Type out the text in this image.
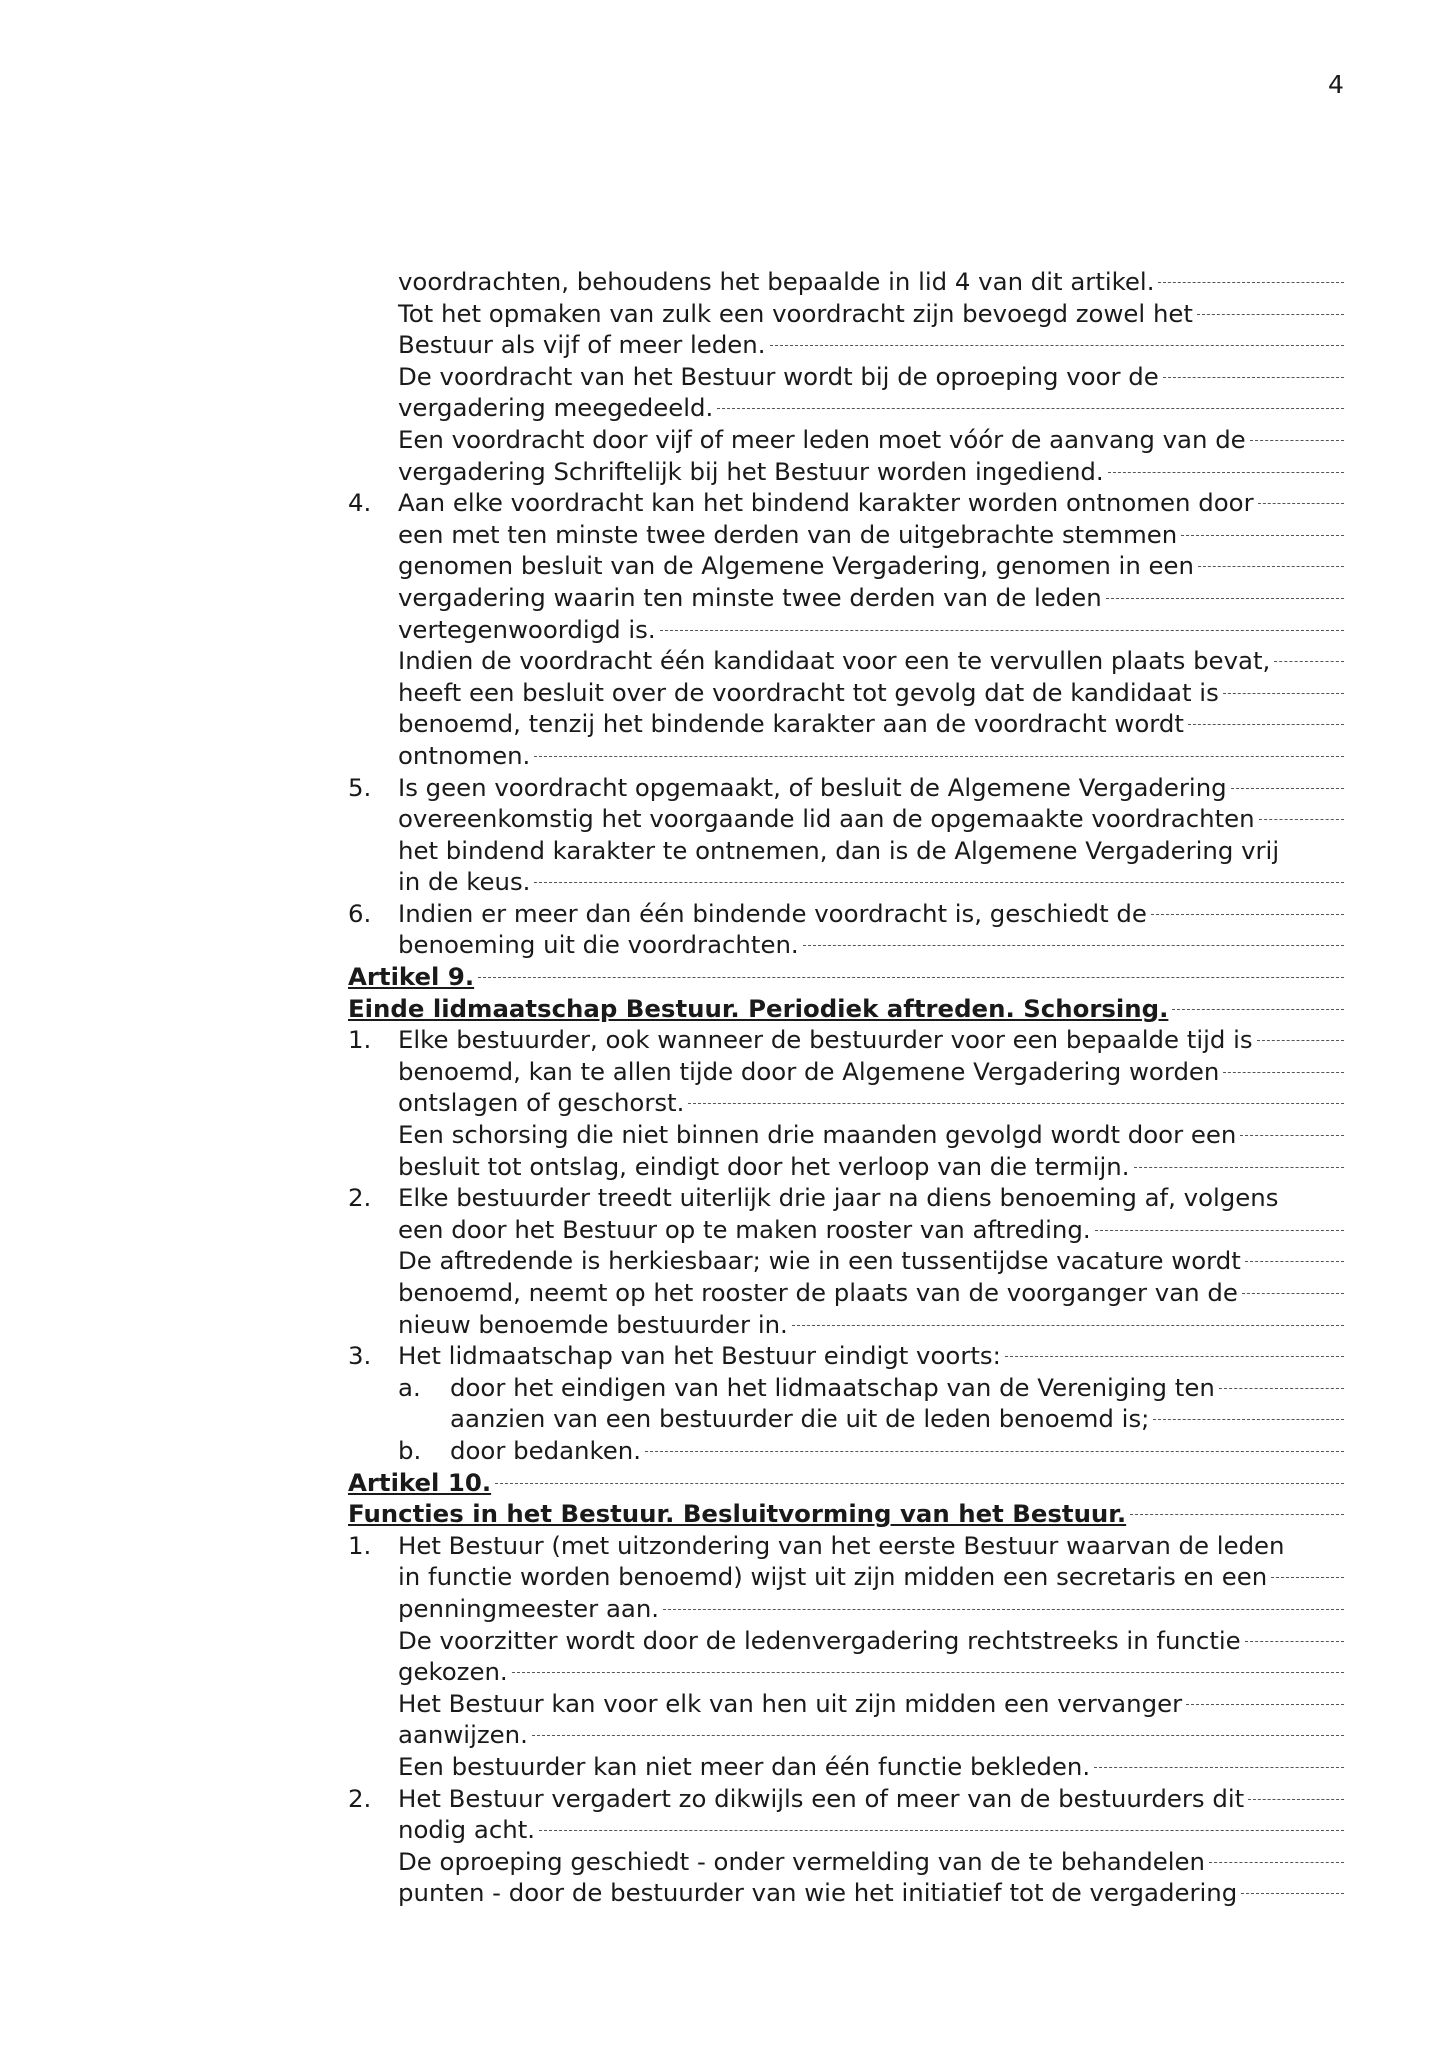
4
voordrachten, behoudens het bepaalde in lid 4 van dit artikel.
Tot het opmaken van zulk een voordracht zijn bevoegd zowel het
Bestuur als vijf of meer leden.
De voordracht van het Bestuur wordt bij de oproeping voor de
vergadering meegedeeld.
Een voordracht door vijf of meer leden moet vóór de aanvang van de
vergadering Schriftelijk bij het Bestuur worden ingediend.
4. Aan elke voordracht kan het bindend karakter worden ontnomen door
een met ten minste twee derden van de uitgebrachte stemmen
genomen besluit van de Algemene Vergadering, genomen in een
vergadering waarin ten minste twee derden van de leden
vertegenwoordigd is.
Indien de voordracht één kandidaat voor een te vervullen plaats bevat,
heeft een besluit over de voordracht tot gevolg dat de kandidaat is
benoemd, tenzij het bindende karakter aan de voordracht wordt
ontnomen.
5. Is geen voordracht opgemaakt, of besluit de Algemene Vergadering
overeenkomstig het voorgaande lid aan de opgemaakte voordrachten
het bindend karakter te ontnemen, dan is de Algemene Vergadering vrij
in de keus.
6. Indien er meer dan één bindende voordracht is, geschiedt de
benoeming uit die voordrachten.
Artikel 9.
Einde lidmaatschap Bestuur. Periodiek aftreden. Schorsing.
1. Elke bestuurder, ook wanneer de bestuurder voor een bepaalde tijd is
benoemd, kan te allen tijde door de Algemene Vergadering worden
ontslagen of geschorst.
Een schorsing die niet binnen drie maanden gevolgd wordt door een
besluit tot ontslag, eindigt door het verloop van die termijn.
2. Elke bestuurder treedt uiterlijk drie jaar na diens benoeming af, volgens
een door het Bestuur op te maken rooster van aftreding.
De aftredende is herkiesbaar; wie in een tussentijdse vacature wordt
benoemd, neemt op het rooster de plaats van de voorganger van de
nieuw benoemde bestuurder in.
3. Het lidmaatschap van het Bestuur eindigt voorts:
a. door het eindigen van het lidmaatschap van de Vereniging ten
aanzien van een bestuurder die uit de leden benoemd is;
b. door bedanken.
Artikel 10.
Functies in het Bestuur. Besluitvorming van het Bestuur.
1. Het Bestuur (met uitzondering van het eerste Bestuur waarvan de leden
in functie worden benoemd) wijst uit zijn midden een secretaris en een
penningmeester aan.
De voorzitter wordt door de ledenvergadering rechtstreeks in functie
gekozen.
Het Bestuur kan voor elk van hen uit zijn midden een vervanger
aanwijzen.
Een bestuurder kan niet meer dan één functie bekleden.
2. Het Bestuur vergadert zo dikwijls een of meer van de bestuurders dit
nodig acht.
De oproeping geschiedt - onder vermelding van de te behandelen
punten - door de bestuurder van wie het initiatief tot de vergadering
